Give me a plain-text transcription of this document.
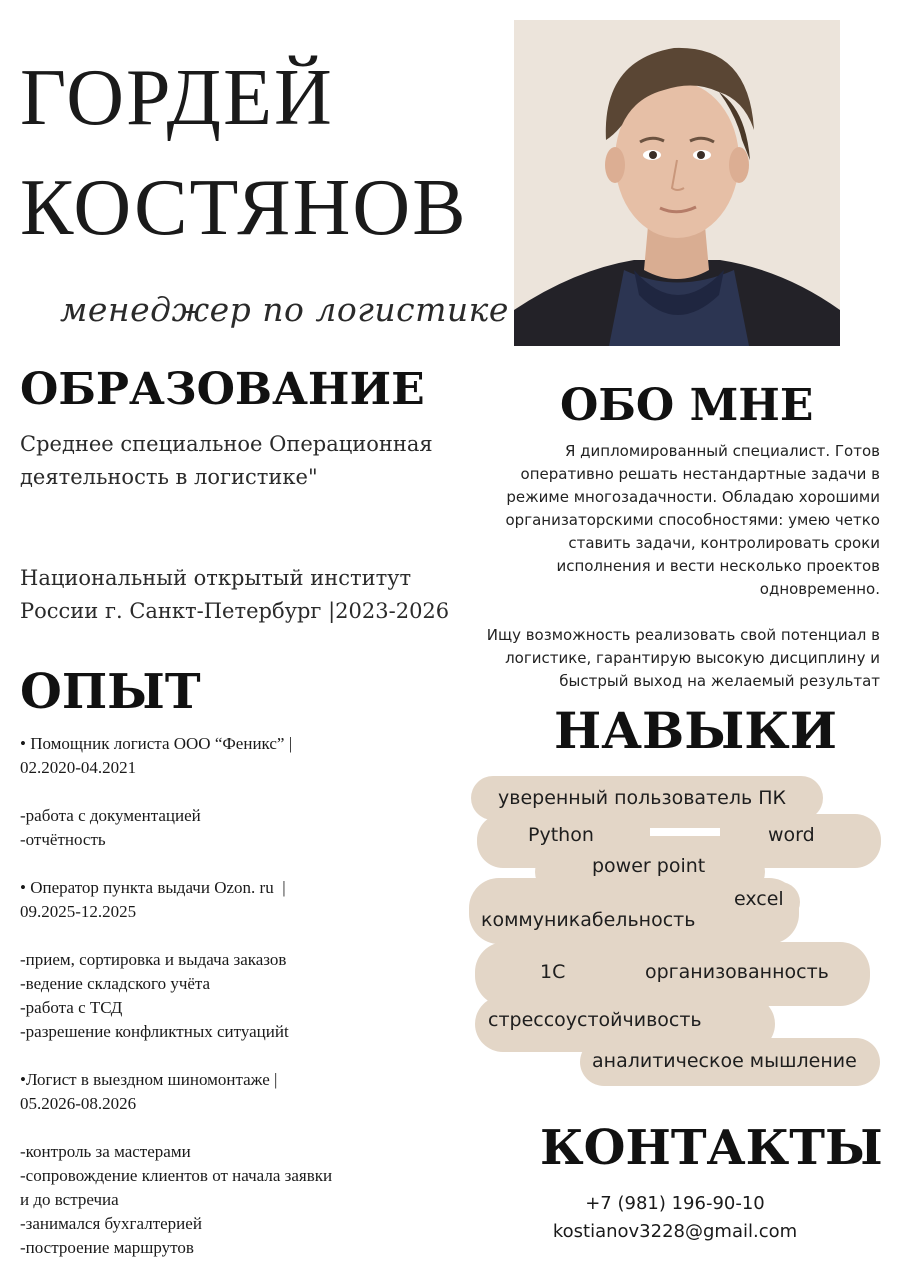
ГОРДЕЙ
КОСТЯНОВ
менеджер по логистике
ОБРАЗОВАНИЕ
Среднее специальное Операционная деятельность в логистике"
Национальный открытый институт России г. Санкт-Петербург |2023-2026
ОПЫТ
• Помощник логиста ООО “Феникс” |
02.2020-04.2021
-работа с документацией
-отчётность
• Оператор пункта выдачи Ozon. ru  |
09.2025-12.2025
-прием, сортировка и выдача заказов
-ведение складского учёта
-работа с ТСД
-разрешение конфликтных ситуацийt
•Логист в выездном шиномонтаже |
05.2026-08.2026
-контроль за мастерами
-сопровождение клиентов от начала заявки
и до встречиа
-занимался бухгалтерией
-построение маршрутов
ОБО МНЕ

Я дипломированный специалист. Готов оперативно решать нестандартные задачи в режиме многозадачности. Обладаю хорошими организаторскими способностями: умею четко ставить задачи, контролировать сроки исполнения и вести несколько проектов одновременно.

Ищу возможность реализовать свой потенциал в логистике, гарантирую высокую дисциплину и быстрый выход на желаемый результат

НАВЫКИ
уверенный пользователь ПК
Python	word
power point
excel
коммуникабельность
1С	организованность
стрессоустойчивость
аналитическое мышление
КОНТАКТЫ
+7 (981) 196-90-10
kostianov3228@gmail.com
